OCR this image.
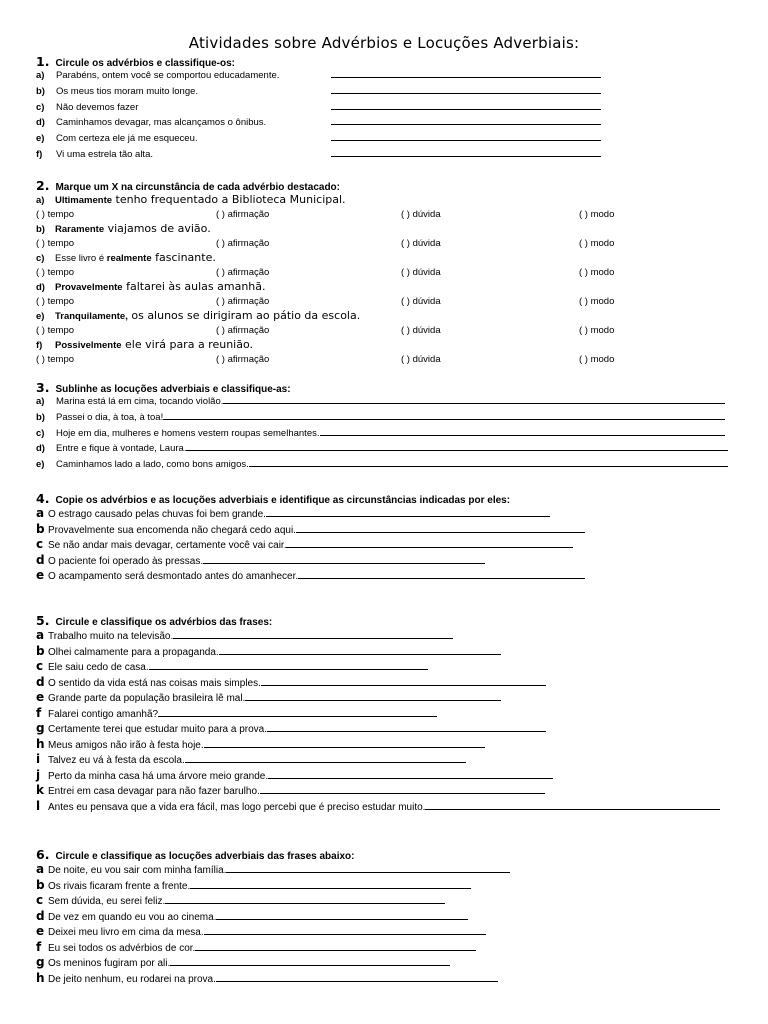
Atividades sobre Advérbios e Locuções Adverbiais:
1. Circule os advérbios e classifique-os:
a)	Parabéns, ontem você se comportou educadamente.
b)	Os meus tios moram muito longe.
c)	Não devemos fazer
d)	Caminhamos devagar, mas alcançamos o ônibus.
e)	Com certeza ele já me esqueceu.
f)	Vi uma estrela tão alta.
2. Marque um X na circunstância de cada advérbio destacado:
a)	Ultimamente tenho frequentado a Biblioteca Municipal.
( ) tempo	( ) afirmação	( ) dúvida	( ) modo
b)	Raramente viajamos de avião.
( ) tempo	( ) afirmação	( ) dúvida	( ) modo
c)	Esse livro é realmente fascinante.
( ) tempo	( ) afirmação	( ) dúvida	( ) modo
d)	Provavelmente faltarei às aulas amanhã.
( ) tempo	( ) afirmação	( ) dúvida	( ) modo
e)	Tranquilamente, os alunos se dirigiram ao pátio da escola.
( ) tempo	( ) afirmação	( ) dúvida	( ) modo
f)	Possivelmente ele virá para a reunião.
( ) tempo	( ) afirmação	( ) dúvida	( ) modo
3. Sublinhe as locuções adverbiais e classifique-as:
a)	Marina está lá em cima, tocando violão.
b)	Passei o dia, à toa, à toa!
c)	Hoje em dia, mulheres e homens vestem roupas semelhantes.
d)	Entre e fique à vontade, Laura.
e)	Caminhamos lado a lado, como bons amigos.
4. Copie os advérbios e as locuções adverbiais e identifique as circunstâncias indicadas por eles:
a O estrago causado pelas chuvas foi bem grande.
b Provavelmente sua encomenda não chegará cedo aqui.
c Se não andar mais devagar, certamente você vai cair.
d O paciente foi operado às pressas.
e O acampamento será desmontado antes do amanhecer.
5. Circule e classifique os advérbios das frases:
a Trabalho muito na televisão.
b Olhei calmamente para a propaganda.
c Ele saiu cedo de casa.
d O sentido da vida está nas coisas mais simples.
e Grande parte da população brasileira lê mal.
f Falarei contigo amanhã?
g Certamente terei que estudar muito para a prova.
h Meus amigos não irão à festa hoje.
i Talvez eu vá à festa da escola.
j Perto da minha casa há uma árvore meio grande.
k Entrei em casa devagar para não fazer barulho.
l Antes eu pensava que a vida era fácil, mas logo percebi que é preciso estudar muito.
6. Circule e classifique as locuções adverbiais das frases abaixo:
a De noite, eu vou sair com minha família.
b Os rivais ficaram frente a frente.
c Sem dúvida, eu serei feliz.
d De vez em quando eu vou ao cinema.
e Deixei meu livro em cima da mesa.
f Eu sei todos os advérbios de cor.
g Os meninos fugiram por ali.
h De jeito nenhum, eu rodarei na prova.
